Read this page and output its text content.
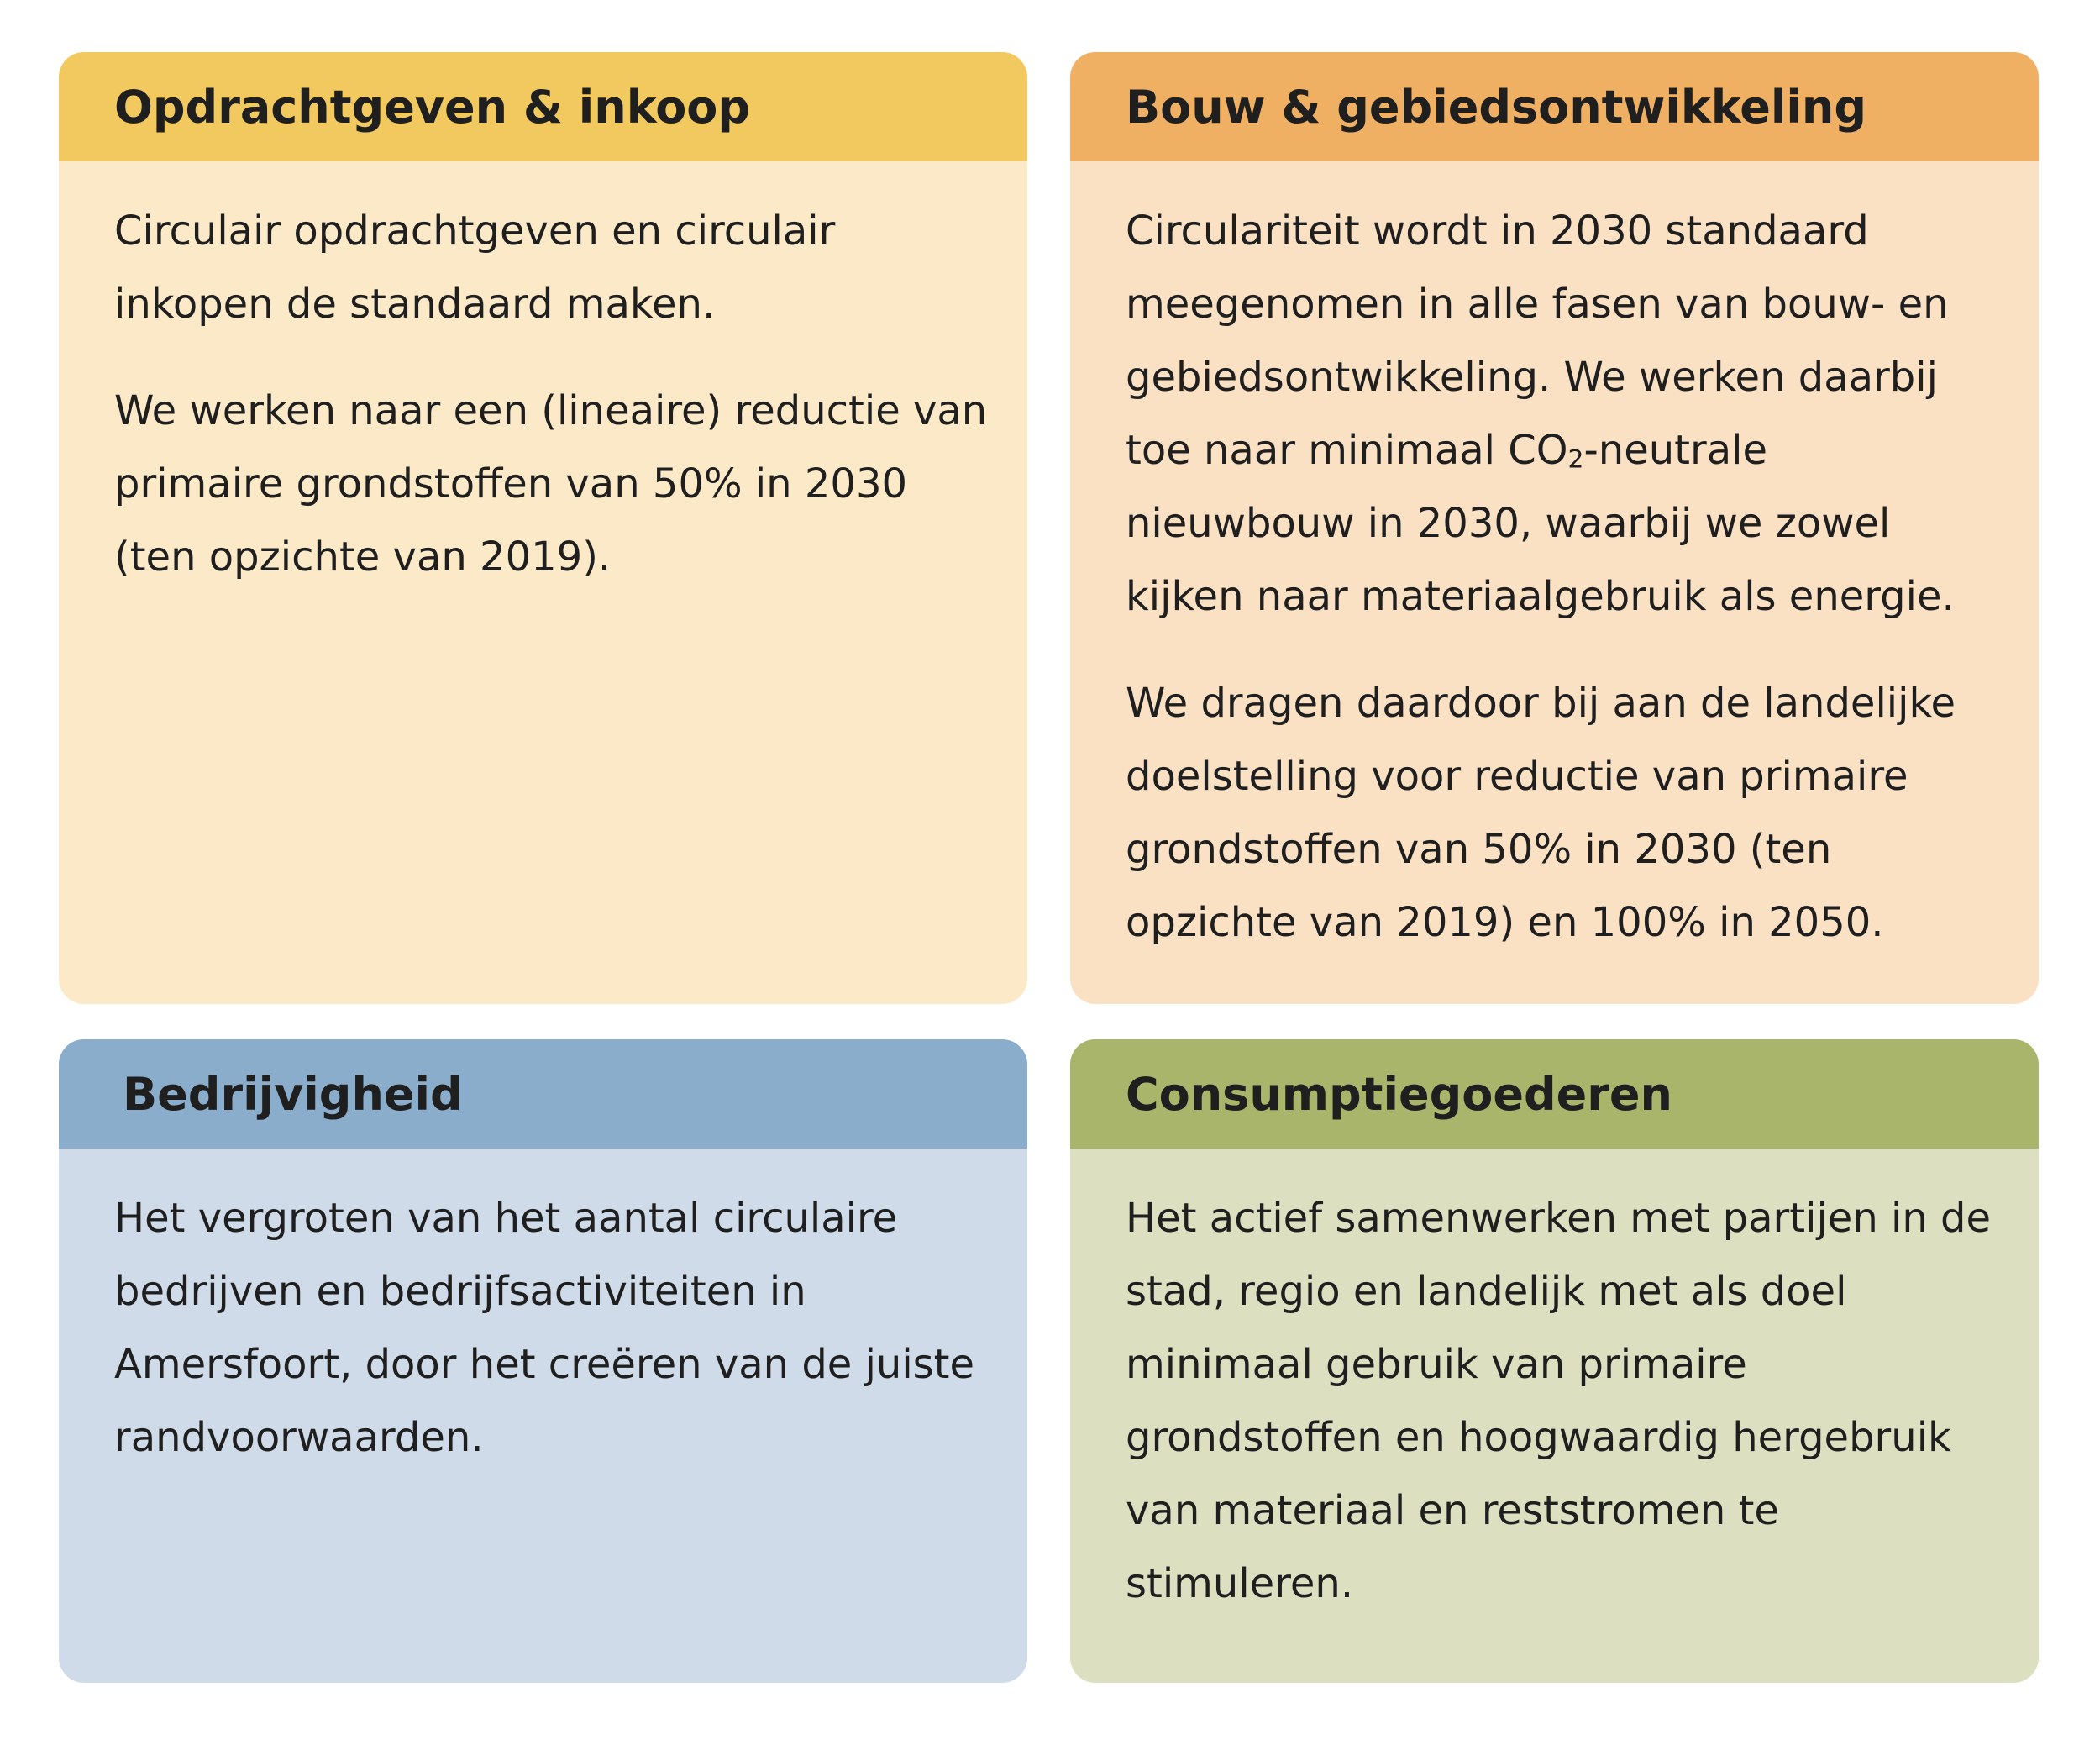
Opdrachtgeven & inkoop

Circulair opdrachtgeven en circulair inkopen de standaard maken.

We werken naar een (lineaire) reductie van primaire grondstoffen van 50% in 2030 (ten opzichte van 2019).

Bouw & gebiedsontwikkeling

Circulariteit wordt in 2030 standaard meegenomen in alle fasen van bouw- en gebiedsontwikkeling. We werken daarbij toe naar minimaal $CO_2$-neutrale nieuwbouw in 2030, waarbij we zowel kijken naar materiaalgebruik als energie.

We dragen daardoor bij aan de landelijke doelstelling voor reductie van primaire grondstoffen van 50% in 2030 (ten opzichte van 2019) en 100% in 2050.

Bedrijvigheid

Het vergroten van het aantal circulaire bedrijven en bedrijfsactiviteiten in Amersfoort, door het creëren van de juiste randvoorwaarden.

Consumptiegoederen

Het actief samenwerken met partijen in de stad, regio en landelijk met als doel minimaal gebruik van primaire grondstoffen en hoogwaardig hergebruik van materiaal en reststromen te stimuleren.
